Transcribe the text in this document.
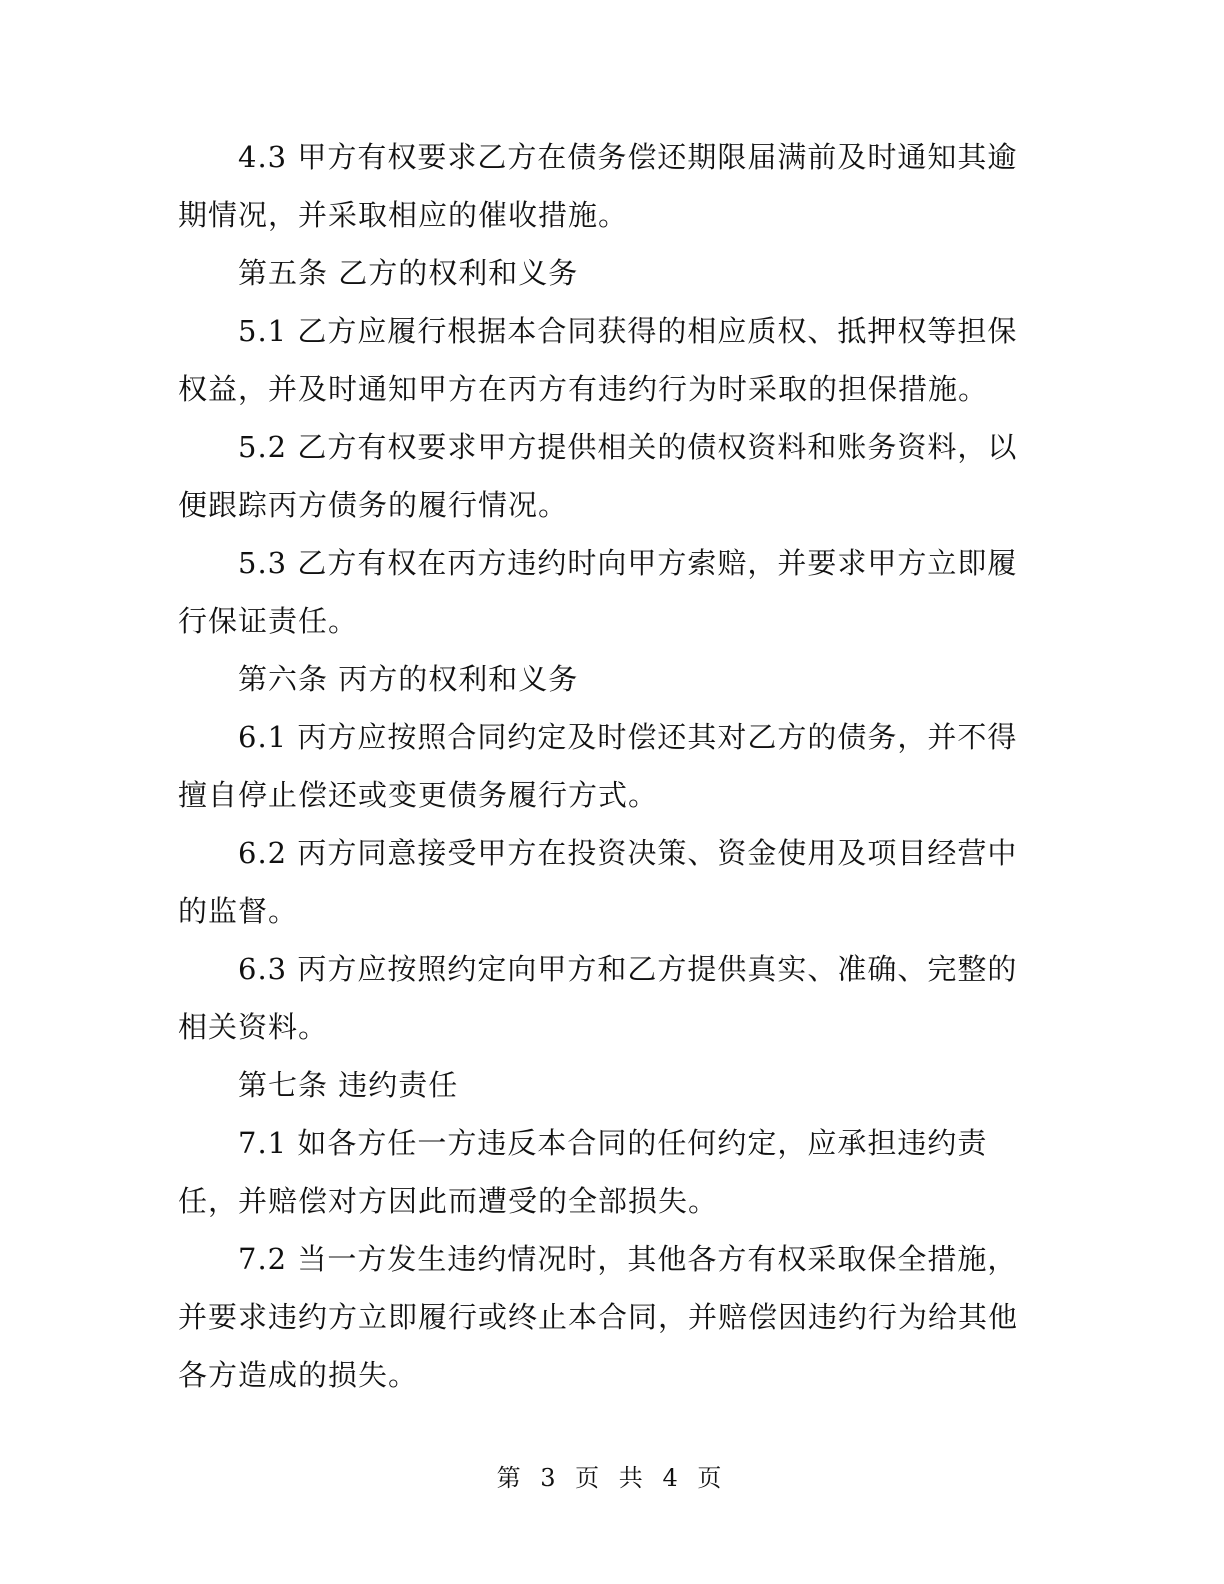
4.3 甲方有权要求乙方在债务偿还期限届满前及时通知其逾期情况，并采取相应的催收措施。

第五条 乙方的权利和义务

5.1 乙方应履行根据本合同获得的相应质权、抵押权等担保权益，并及时通知甲方在丙方有违约行为时采取的担保措施。

5.2 乙方有权要求甲方提供相关的债权资料和账务资料，以便跟踪丙方债务的履行情况。

5.3 乙方有权在丙方违约时向甲方索赔，并要求甲方立即履行保证责任。

第六条 丙方的权利和义务

6.1 丙方应按照合同约定及时偿还其对乙方的债务，并不得擅自停止偿还或变更债务履行方式。

6.2 丙方同意接受甲方在投资决策、资金使用及项目经营中的监督。

6.3 丙方应按照约定向甲方和乙方提供真实、准确、完整的相关资料。

第七条 违约责任

7.1 如各方任一方违反本合同的任何约定，应承担违约责任，并赔偿对方因此而遭受的全部损失。

7.2 当一方发生违约情况时，其他各方有权采取保全措施，并要求违约方立即履行或终止本合同，并赔偿因违约行为给其他各方造成的损失。

第 3 页 共 4 页
